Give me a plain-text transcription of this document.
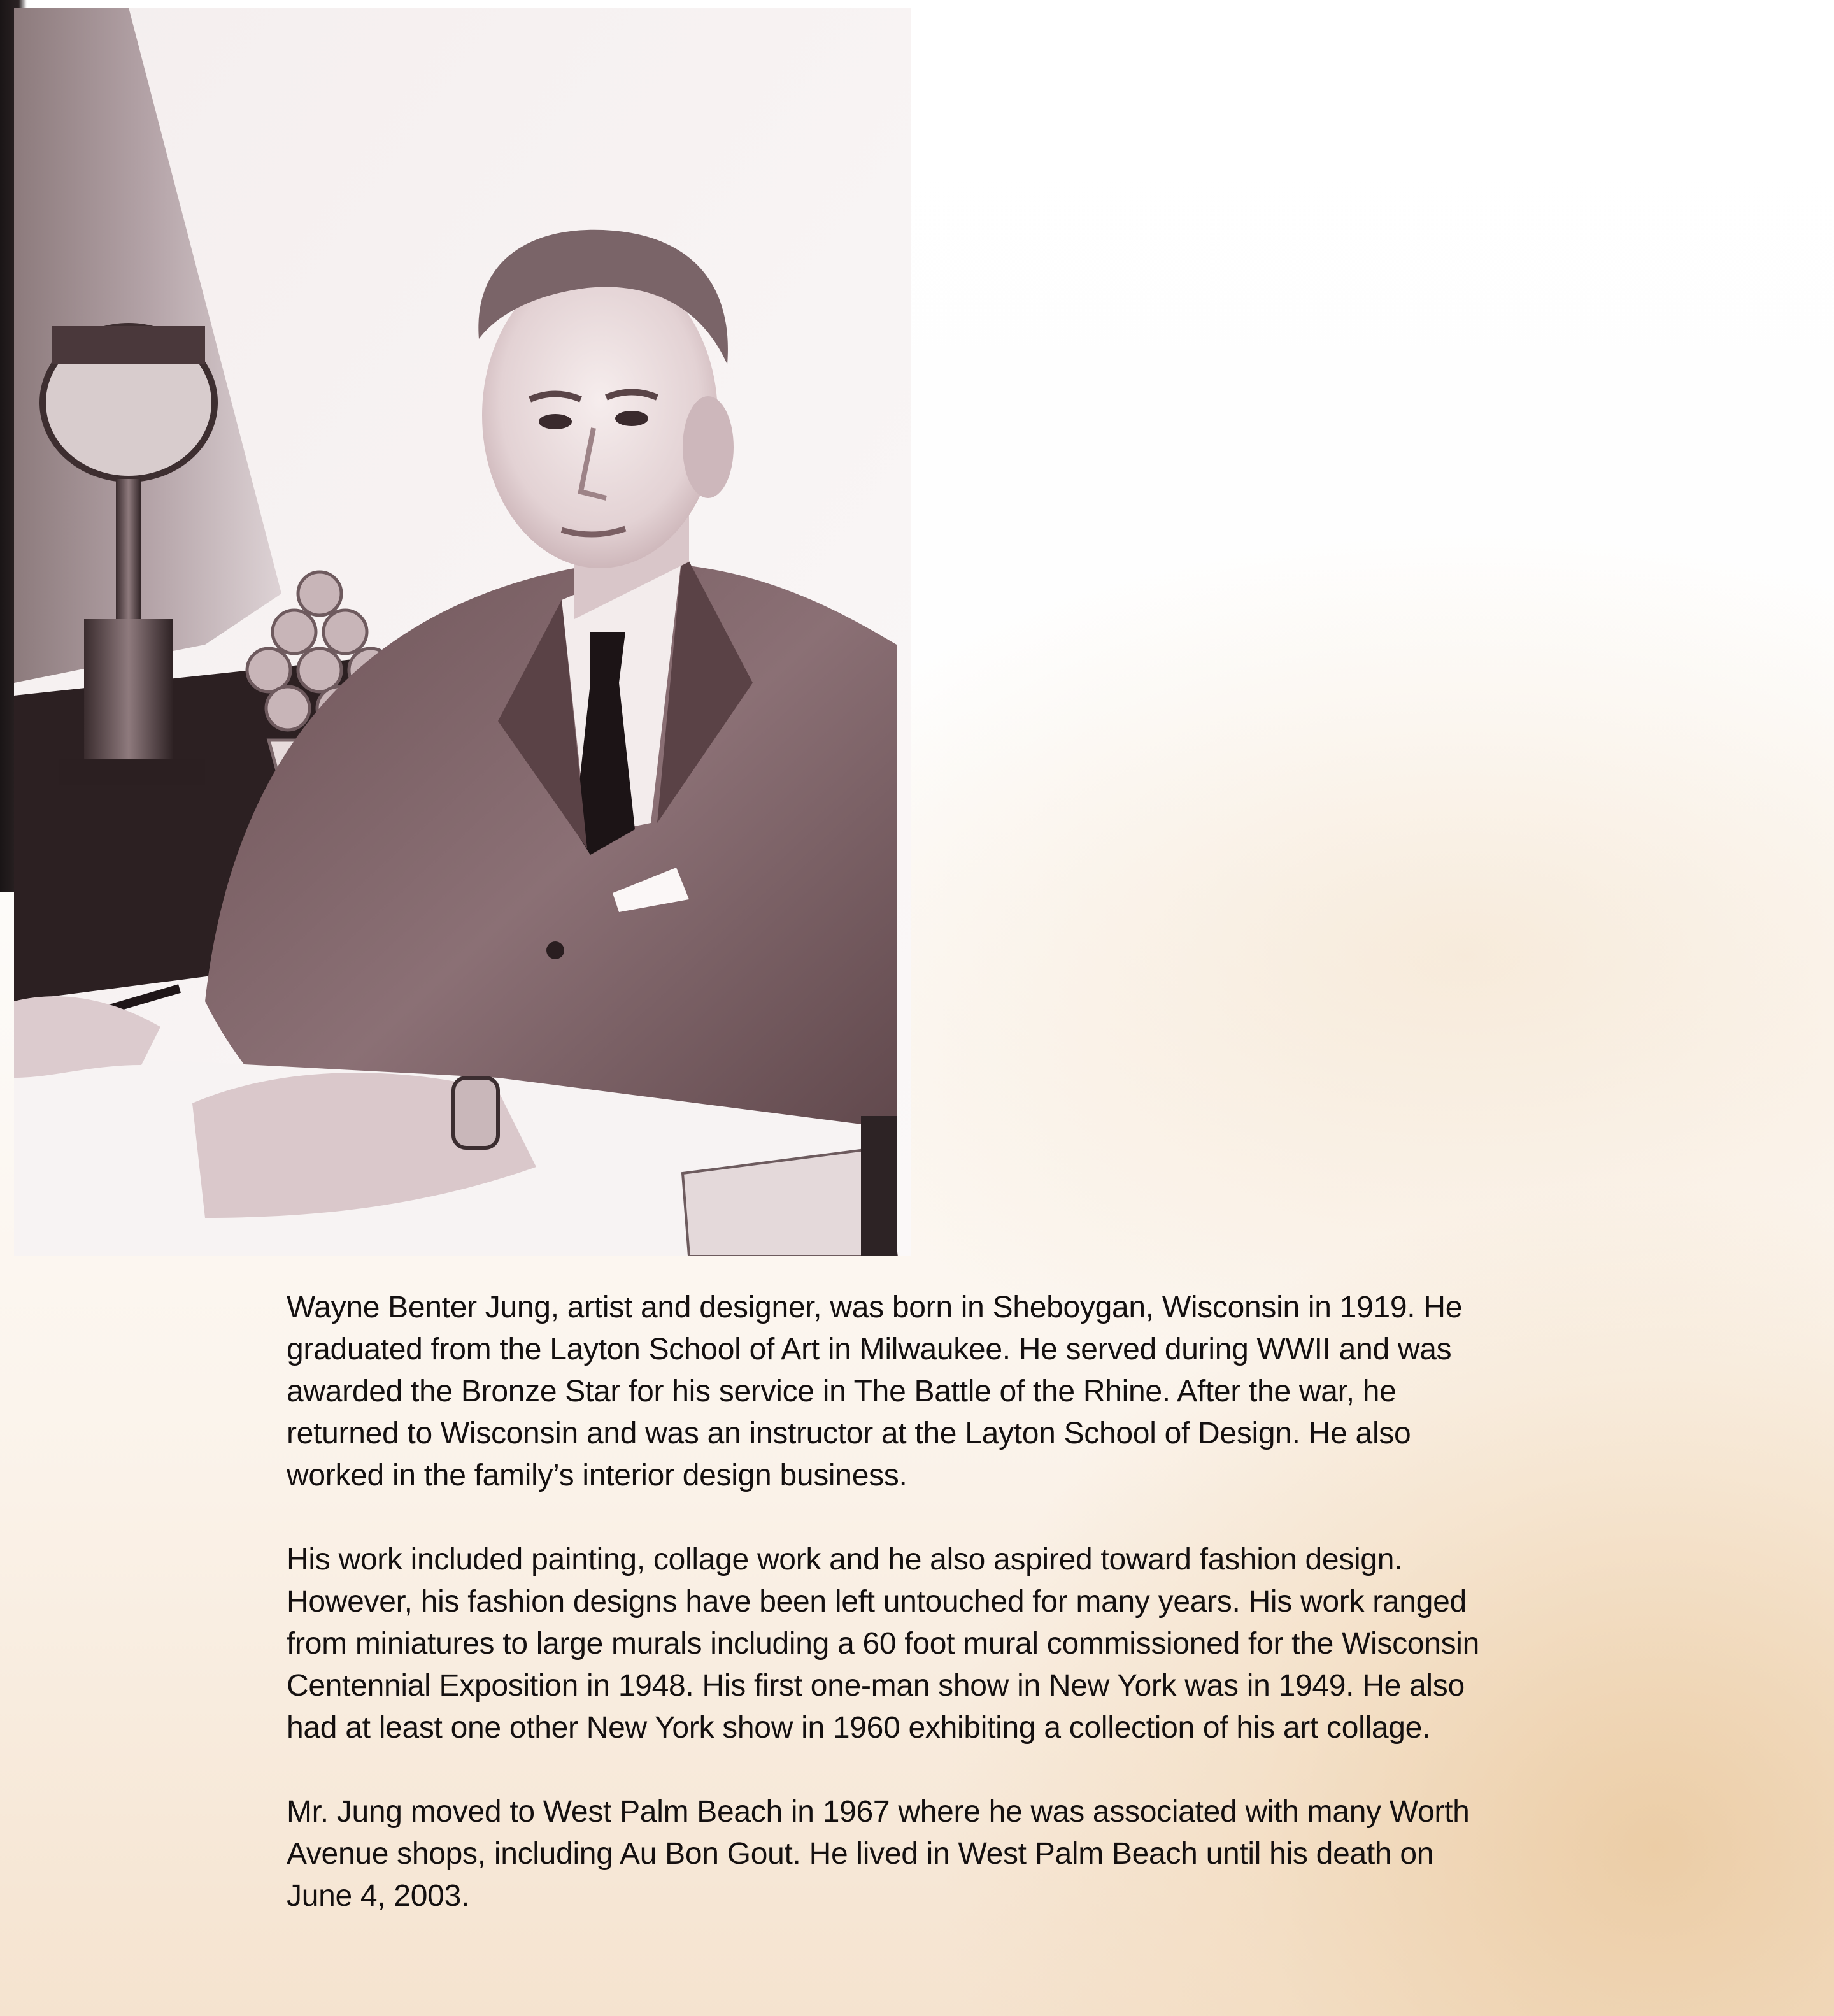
Wayne Benter Jung, artist and designer, was born in Sheboygan, Wisconsin in 1919. He
graduated from the Layton School of Art in Milwaukee. He served during WWII and was
awarded the Bronze Star for his service in The Battle of the Rhine. After the war, he
returned to Wisconsin and was an instructor at the Layton School of Design. He also
worked in the family’s interior design business.

His work included painting, collage work and he also aspired toward fashion design.
However, his fashion designs have been left untouched for many years. His work ranged
from miniatures to large murals including a 60 foot mural commissioned for the Wisconsin
Centennial Exposition in 1948. His first one-man show in New York was in 1949. He also
had at least one other New York show in 1960 exhibiting a collection of his art collage.

Mr. Jung moved to West Palm Beach in 1967 where he was associated with many Worth
Avenue shops, including Au Bon Gout. He lived in West Palm Beach until his death on
June 4, 2003.
